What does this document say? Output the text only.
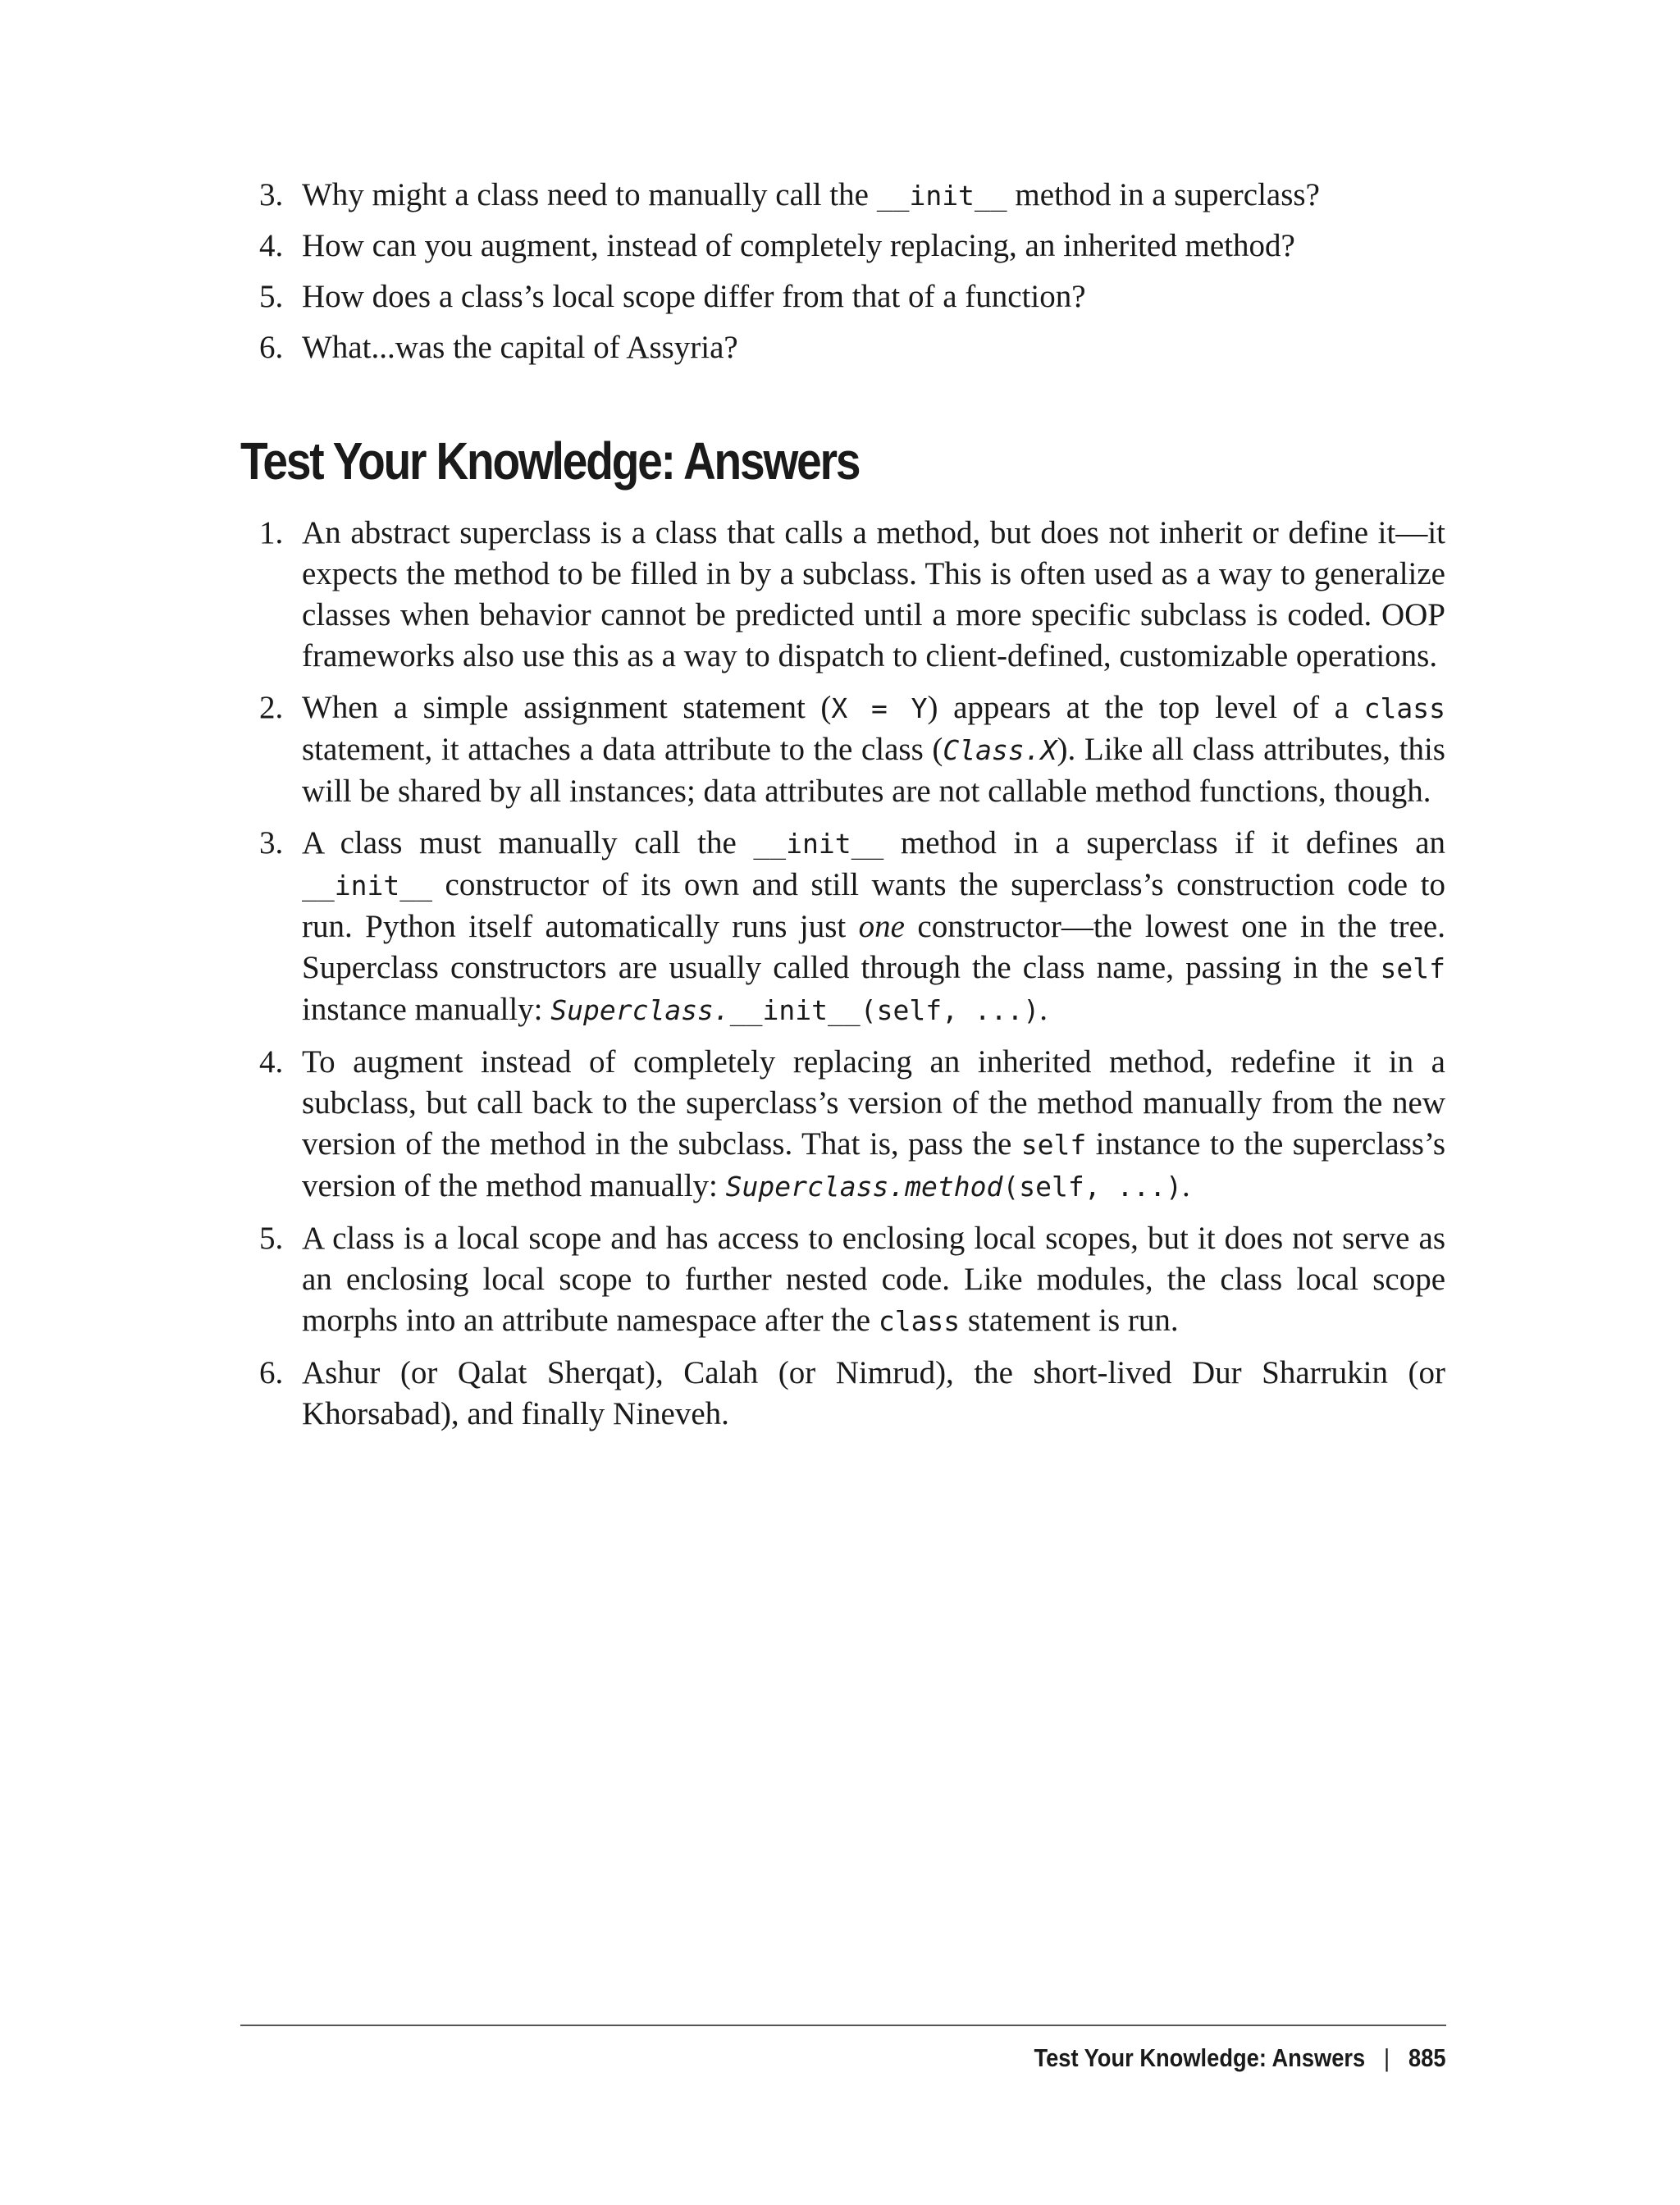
3. Why might a class need to manually call the __init__ method in a superclass?
4. How can you augment, instead of completely replacing, an inherited method?
5. How does a class’s local scope differ from that of a function?
6. What...was the capital of Assyria?
Test Your Knowledge: Answers
1. An abstract superclass is a class that calls a method, but does not inherit or define it—it expects the method to be filled in by a subclass. This is often used as a way to generalize classes when behavior cannot be predicted until a more specific subclass is coded. OOP frameworks also use this as a way to dispatch to client-defined, customizable operations.
2. When a simple assignment statement (X = Y) appears at the top level of a class statement, it attaches a data attribute to the class (Class.X). Like all class attributes, this will be shared by all instances; data attributes are not callable method functions, though.
3. A class must manually call the __init__ method in a superclass if it defines an __init__ constructor of its own and still wants the superclass’s construction code to run. Python itself automatically runs just one constructor—the lowest one in the tree. Superclass constructors are usually called through the class name, passing in the self instance manually: Superclass.__init__(self, ...).
4. To augment instead of completely replacing an inherited method, redefine it in a subclass, but call back to the superclass’s version of the method manually from the new version of the method in the subclass. That is, pass the self instance to the superclass’s version of the method manually: Superclass.method(self, ...).
5. A class is a local scope and has access to enclosing local scopes, but it does not serve as an enclosing local scope to further nested code. Like modules, the class local scope morphs into an attribute namespace after the class statement is run.
6. Ashur (or Qalat Sherqat), Calah (or Nimrud), the short-lived Dur Sharrukin (or Khorsabad), and finally Nineveh.
Test Your Knowledge: Answers | 885
